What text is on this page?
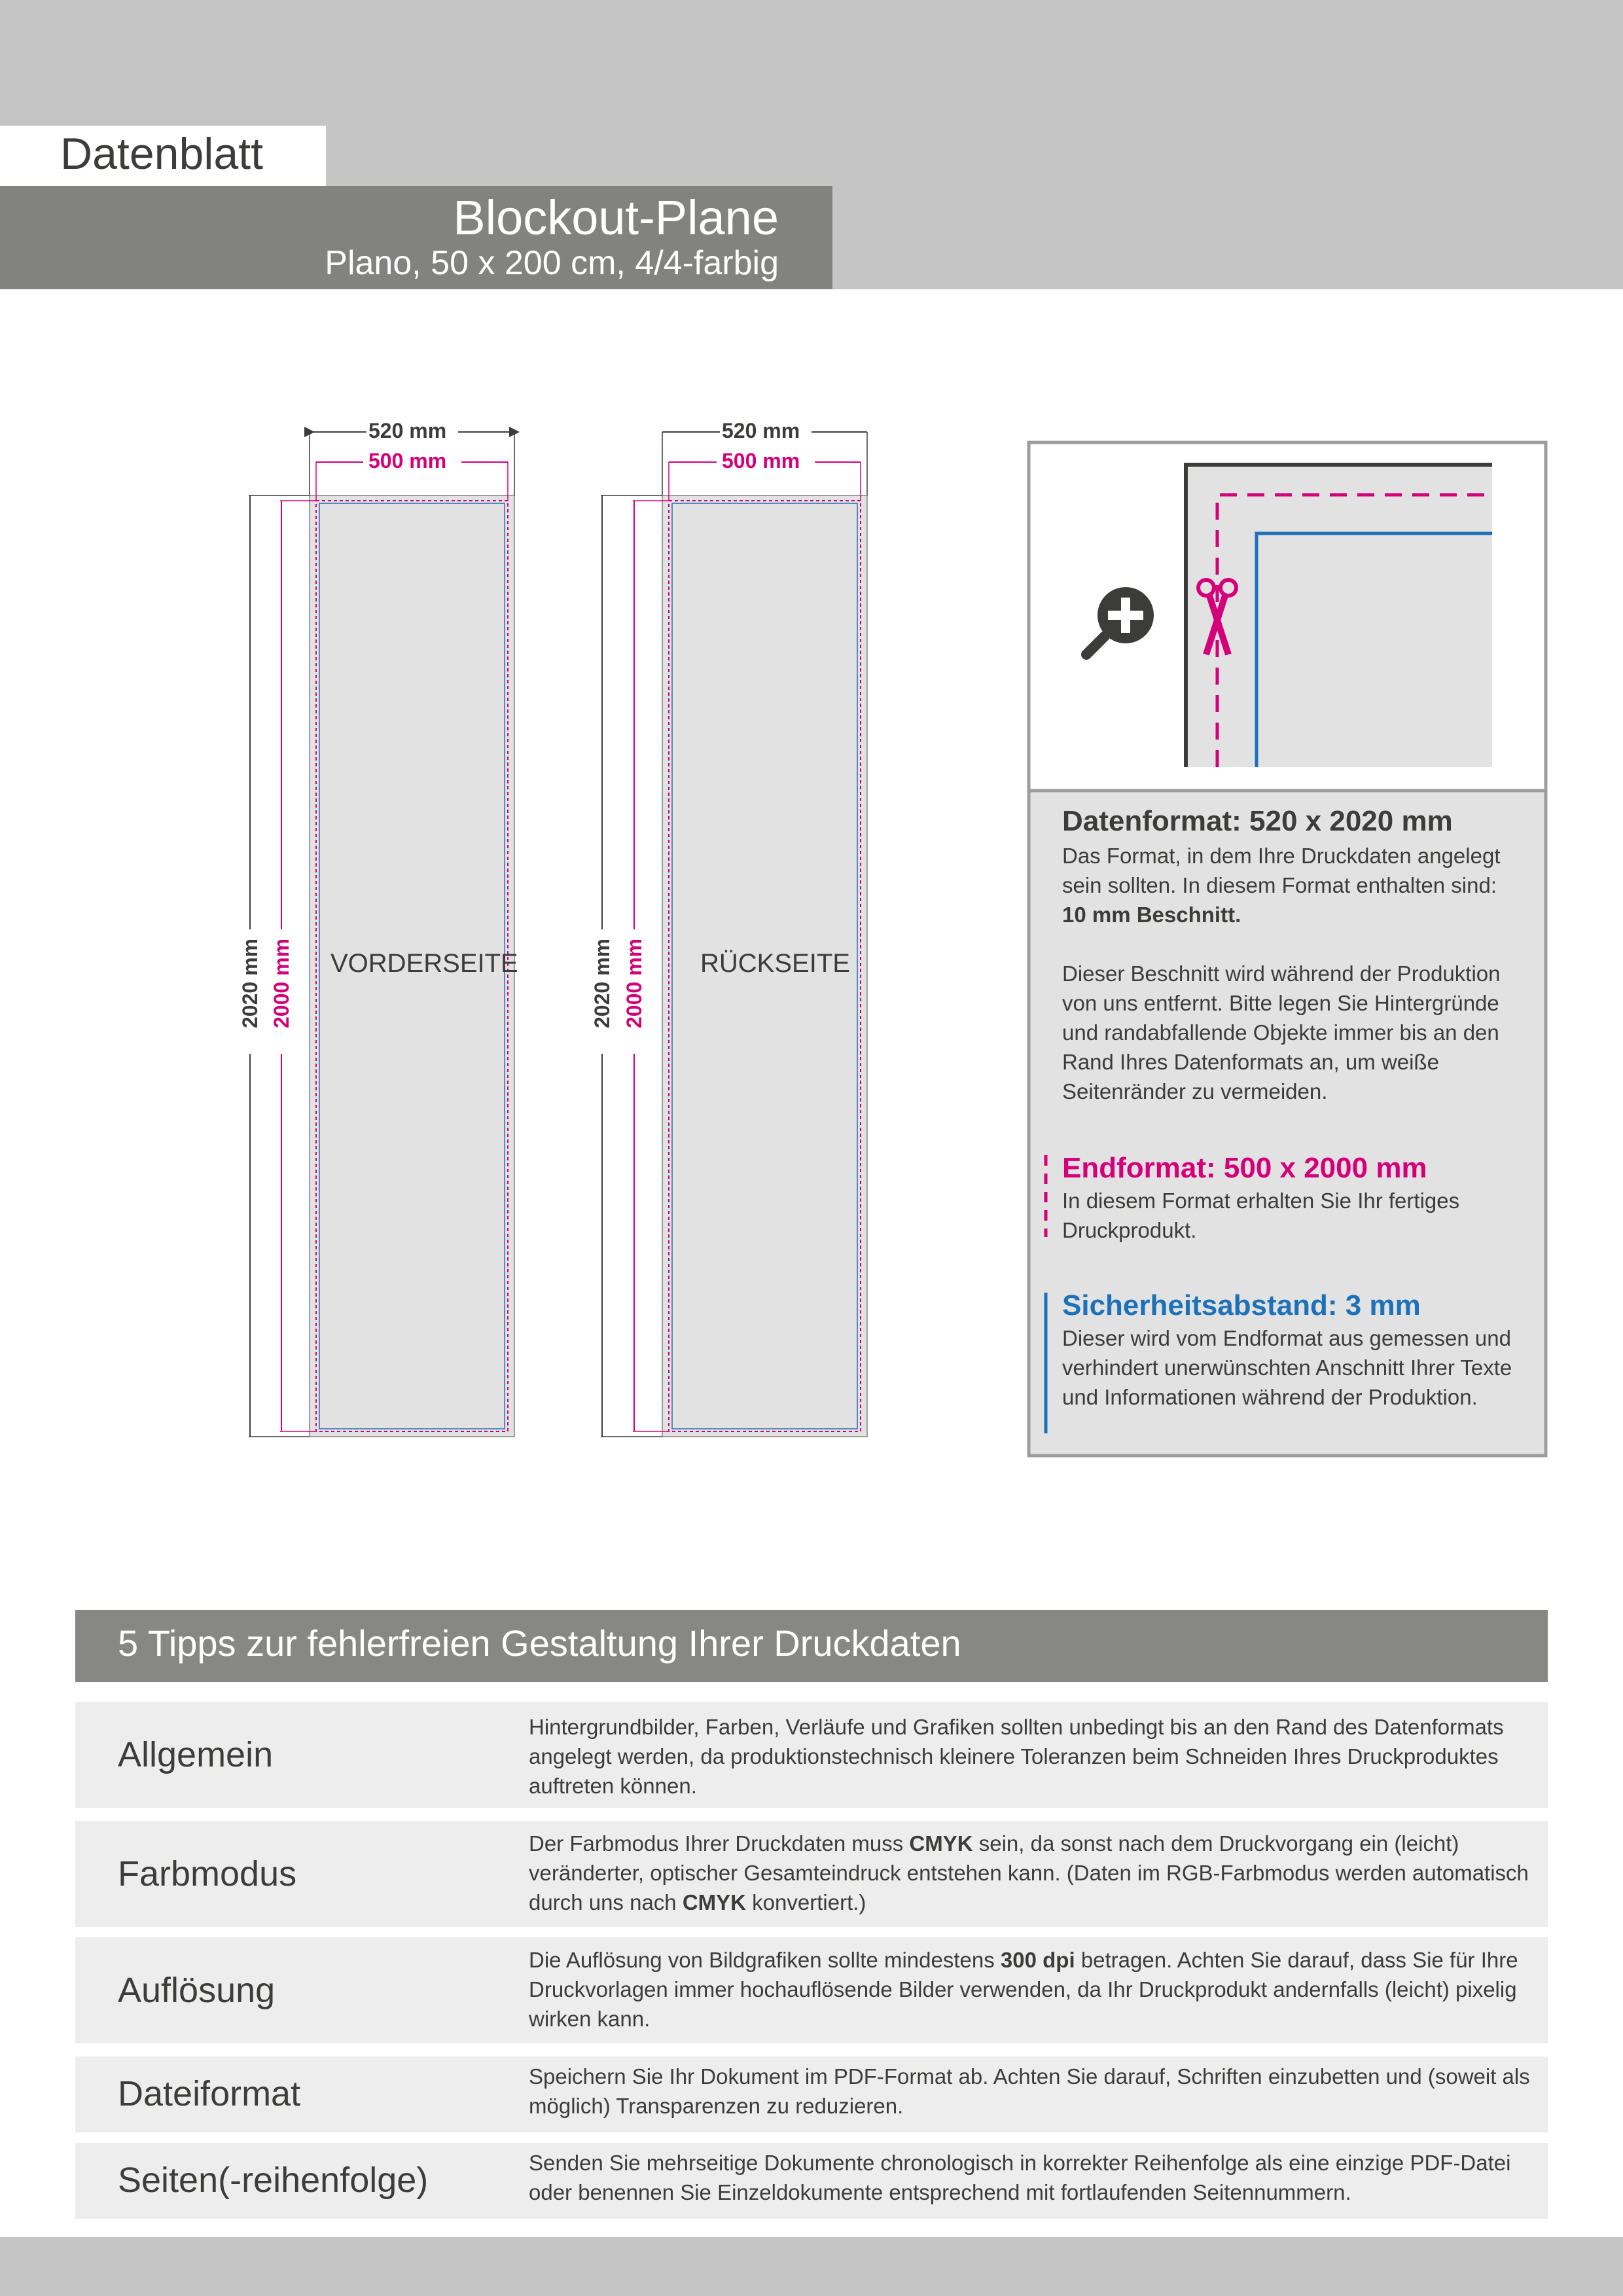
Datenblatt
Blockout-Plane
Plano, 50 x 200 cm, 4/4-farbig
520 mm
500 mm
VORDERSEITE
2020 mm 2000 mm
520 mm
500 mm
RÜCKSEITE
2020 mm 2000 mm
Datenformat: 520 x 2020 mm
Das Format, in dem Ihre Druckdaten angelegt sein sollten. In diesem Format enthalten sind: 10 mm Beschnitt.
Dieser Beschnitt wird während der Produktion von uns entfernt. Bitte legen Sie Hintergründe und randabfallende Objekte immer bis an den Rand Ihres Datenformats an, um weiße Seitenränder zu vermeiden.
Endformat: 500 x 2000 mm
In diesem Format erhalten Sie Ihr fertiges Druckprodukt.
Sicherheitsabstand: 3 mm
Dieser wird vom Endformat aus gemessen und verhindert unerwünschten Anschnitt Ihrer Texte und Informationen während der Produktion.
5 Tipps zur fehlerfreien Gestaltung Ihrer Druckdaten
Allgemein
Hintergrundbilder, Farben, Verläufe und Grafiken sollten unbedingt bis an den Rand des Datenformats angelegt werden, da produktionstechnisch kleinere Toleranzen beim Schneiden Ihres Druckproduktes auftreten können.
Farbmodus
Der Farbmodus Ihrer Druckdaten muss CMYK sein, da sonst nach dem Druckvorgang ein (leicht) veränderter, optischer Gesamteindruck entstehen kann. (Daten im RGB-Farbmodus werden automatisch durch uns nach CMYK konvertiert.)
Auflösung
Die Auflösung von Bildgrafiken sollte mindestens 300 dpi betragen. Achten Sie darauf, dass Sie für Ihre Druckvorlagen immer hochauflösende Bilder verwenden, da Ihr Druckprodukt andernfalls (leicht) pixelig wirken kann.
Dateiformat	Speichern Sie Ihr Dokument im PDF-Format ab. Achten Sie darauf, Schriften einzubetten und (soweit als möglich) Transparenzen zu reduzieren.
Seiten(-reihenfolge)	Senden Sie mehrseitige Dokumente chronologisch in korrekter Reihenfolge als eine einzige PDF-Datei oder benennen Sie Einzeldokumente entsprechend mit fortlaufenden Seitennummern.
